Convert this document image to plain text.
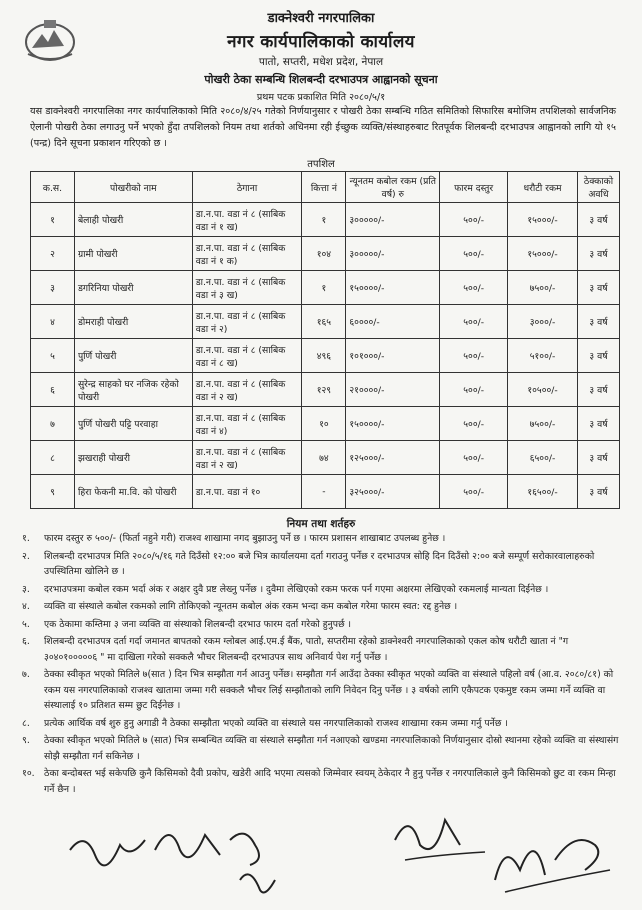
डाक्नेश्वरी नगरपालिका
नगर कार्यपालिकाको कार्यालय
पातो, सप्तरी, मधेश प्रदेश, नेपाल
पोखरी ठेका सम्बन्धि शिलबन्दी दरभाउपत्र आह्वानको सूचना
प्रथम पटक प्रकाशित मिति २०८०/५/१
यस डाक्नेश्वरी नगरपालिका नगर कार्यपालिकाको मिति २०८०/४/२५ गतेको निर्णयानुसार र पोखरी ठेका सम्बन्धि गठित समितिको सिफारिस बमोजिम तपशिलको सार्वजनिक ऐलानी पोखरी ठेका लगाउनु पर्ने भएको हुँदा तपशिलको नियम तथा शर्तको अधिनमा रही ईच्छुक व्यक्ति/संस्थाहरुबाट रितपूर्वक शिलबन्दी दरभाउपत्र आह्वानको लागि यो १५ (पन्द्र) दिने सूचना प्रकाशन गरिएको छ ।
तपशिल
क.स.	पोखरीको नाम	ठेगाना	कित्ता नं	न्यूनतम कबोल रकम (प्रति वर्ष) रु	फारम दस्तुर	धरौटी रकम	ठेक्काको अवधि
१	बेलाही पोखरी	डा.न.पा. वडा नं ८ (साबिक वडा नं १ ख)	१	३०००००/-	५००/-	१५०००/-	३ वर्ष
२	ग्रामी पोखरी	डा.न.पा. वडा नं ८ (साबिक वडा नं १ क)	१०४	३०००००/-	५००/-	१५०००/-	३ वर्ष
३	डगरिनिया पोखरी	डा.न.पा. वडा नं ८ (साबिक वडा नं ३ ख)	१	१५००००/-	५००/-	७५००/-	३ वर्ष
४	डोमराही पोखरी	डा.न.पा. वडा नं ८ (साबिक वडा नं २)	१६५	६००००/-	५००/-	३०००/-	३ वर्ष
५	पुर्णि पोखरी	डा.न.पा. वडा नं ८ (साबिक वडा नं ८ ख)	४९६	१०१०००/-	५००/-	५१००/-	३ वर्ष
६	सुरेन्द्र साहको घर नजिक रहेको पोखरी	डा.न.पा. वडा नं ८ (साबिक वडा नं २ ख)	१२९	२१००००/-	५००/-	१०५००/-	३ वर्ष
७	पुर्णि पोखरी पट्टि परवाहा	डा.न.पा. वडा नं ८ (साबिक वडा नं ४)	१०	१५००००/-	५००/-	७५००/-	३ वर्ष
८	झखराही पोखरी	डा.न.पा. वडा नं ८ (साबिक वडा नं २ ख)	७४	१२५०००/-	५००/-	६५००/-	३ वर्ष
९	हिरा फेकनी मा.वि. को पोखरी	डा.न.पा. वडा नं १०	-	३२५०००/-	५००/-	१६५००/-	३ वर्ष
नियम तथा शर्तहरु
१. फारम दस्तुर रु ५००/- (फिर्ता नहुने गरी) राजश्व शाखामा नगद बुझाउनु पर्ने छ । फारम प्रशासन शाखाबाट उपलब्ध हुनेछ ।
२. शिलबन्दी दरभाउपत्र मिति २०८०/५/१६ गते दिउँसो १२:०० बजे भित्र कार्यालयमा दर्ता गराउनु पर्नेछ र दरभाउपत्र सोहि दिन दिउँसो २:०० बजे सम्पूर्ण सरोकारवालाहरुको उपस्थितिमा खोलिने छ ।
३. दरभाउपत्रमा कबोल रकम भर्दा अंक र अक्षर दुवै प्रष्ट लेख्नु पर्नेछ । दुवैमा लेखिएको रकम फरक पर्न गएमा अक्षरमा लेखिएको रकमलाई मान्यता दिईनेछ ।
४. व्यक्ति वा संस्थाले कबोल रकमको लागि तोकिएको न्यूनतम कबोल अंक रकम भन्दा कम कबोल गरेमा फारम स्वत: रद्द हुनेछ ।
५. एक ठेकामा कम्तिमा ३ जना व्यक्ति वा संस्थाको शिलबन्दी दरभाउ फारम दर्ता गरेको हुनुपर्छ ।
६. शिलबन्दी दरभाउपत्र दर्ता गर्दा जमानत बापतको रकम ग्लोबल आई.एम.ई बैंक, पातो, सप्तरीमा रहेको डाक्नेश्वरी नगरपालिकाको एकल कोष धरौटी खाता नं "ग ३०४०१०००००६ " मा दाखिला गरेको सक्कलै भौचर शिलबन्दी दरभाउपत्र साथ अनिवार्य पेश गर्नु पर्नेछ ।
७. ठेक्का स्वीकृत भएको मितिले ७(सात ) दिन भित्र सम्झौता गर्न आउनु पर्नेछ। सम्झौता गर्न आउँदा ठेक्का स्वीकृत भएको व्यक्ति वा संस्थाले पहिलो वर्ष (आ.व. २०८०/८१) को रकम यस नगरपालिकाको राजश्व खातामा जम्मा गरी सक्कलै भौचर लिई सम्झौताको लागि निवेदन दिनु पर्नेछ । ३ वर्षको लागि एकैपटक एकमुष्ट रकम जम्मा गर्ने व्यक्ति वा संस्थालाई १० प्रतिशत सम्म छुट दिईनेछ ।
८. प्रत्येक आर्थिक वर्ष शुरु हुनु अगाडी नै ठेक्का सम्झौता भएको व्यक्ति वा संस्थाले यस नगरपालिकाको राजश्व शाखामा रकम जम्मा गर्नु पर्नेछ ।
९. ठेक्का स्वीकृत भएको मितिले ७ (सात) भित्र सम्बन्धित व्यक्ति वा संस्थाले सम्झौता गर्न नआएको खण्डमा नगरपालिकाको निर्णयानुसार दोस्रो स्थानमा रहेको व्यक्ति वा संस्थासंग सोझै सम्झौता गर्न सकिनेछ ।
१०. ठेका बन्दोबस्त भई सकेपछि कुनै किसिमको दैवी प्रकोप, खडेरी आदि भएमा त्यसको जिम्मेवार स्वयम् ठेकेदार नै हुनु पर्नेछ र नगरपालिकाले कुनै किसिमको छुट वा रकम मिन्हा गर्ने छैन ।
